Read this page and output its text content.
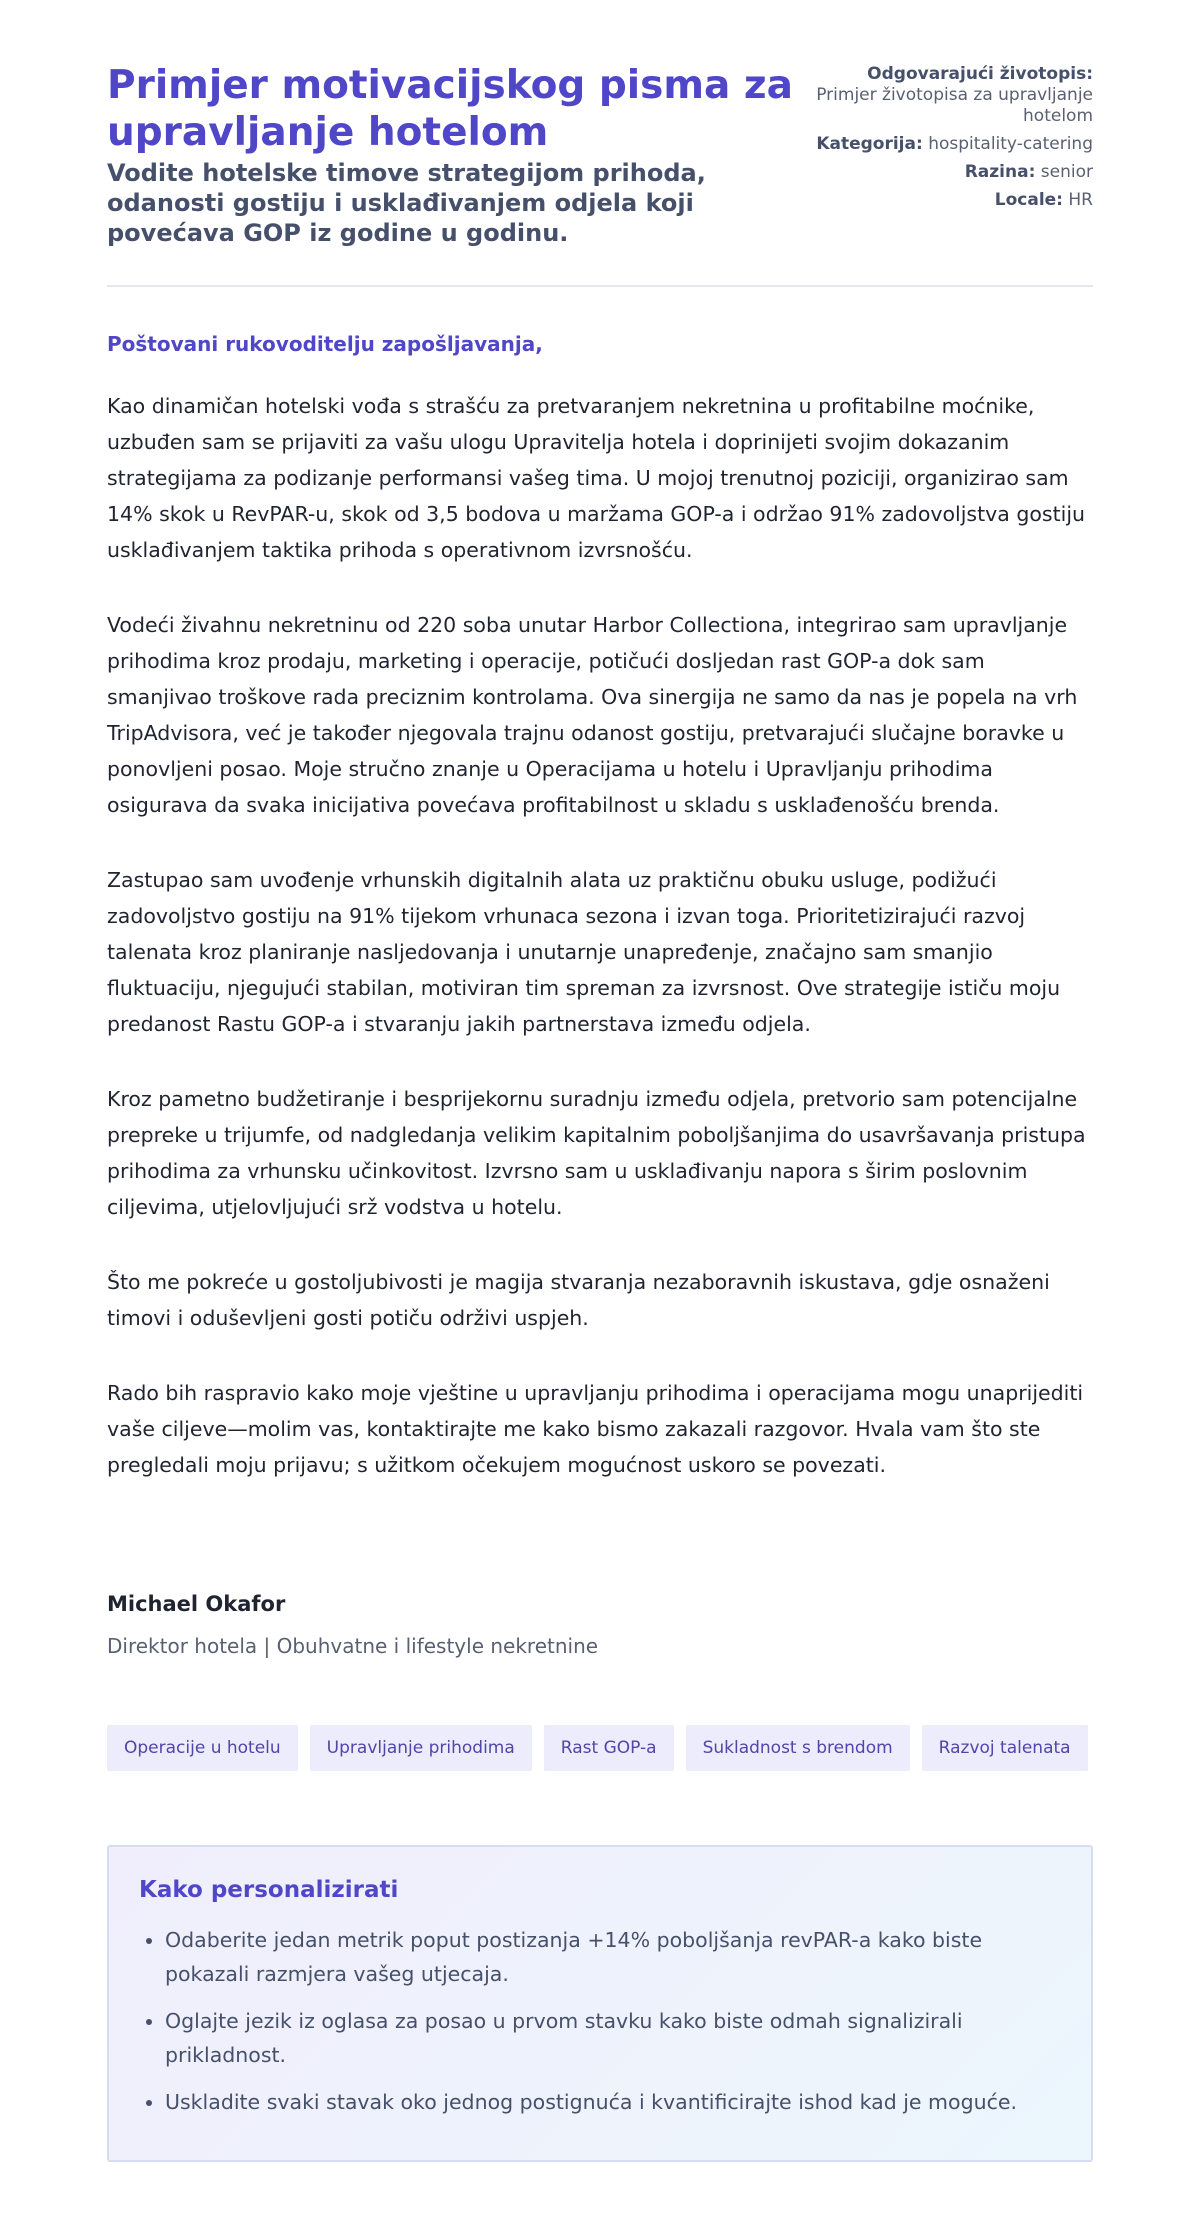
Primjer motivacijskog pisma za upravljanje hotelom
Vodite hotelske timove strategijom prihoda, odanosti gostiju i usklađivanjem odjela koji povećava GOP iz godine u godinu.
Odgovarajući životopis:
Primjer životopisa za upravljanje hotelom
Kategorija: hospitality-catering
Razina: senior
Locale: HR

Poštovani rukovoditelju zapošljavanja,

Kao dinamičan hotelski vođa s strašću za pretvaranjem nekretnina u profitabilne moćnike, uzbuđen sam se prijaviti za vašu ulogu Upravitelja hotela i doprinijeti svojim dokazanim strategijama za podizanje performansi vašeg tima. U mojoj trenutnoj poziciji, organizirao sam 14% skok u RevPAR-u, skok od 3,5 bodova u maržama GOP-a i održao 91% zadovoljstva gostiju usklađivanjem taktika prihoda s operativnom izvrsnošću.

Vodeći živahnu nekretninu od 220 soba unutar Harbor Collectiona, integrirao sam upravljanje prihodima kroz prodaju, marketing i operacije, potičući dosljedan rast GOP-a dok sam smanjivao troškove rada preciznim kontrolama. Ova sinergija ne samo da nas je popela na vrh TripAdvisora, već je također njegovala trajnu odanost gostiju, pretvarajući slučajne boravke u ponovljeni posao. Moje stručno znanje u Operacijama u hotelu i Upravljanju prihodima osigurava da svaka inicijativa povećava profitabilnost u skladu s usklađenošću brenda.

Zastupao sam uvođenje vrhunskih digitalnih alata uz praktičnu obuku usluge, podižući zadovoljstvo gostiju na 91% tijekom vrhunaca sezona i izvan toga. Prioritetizirajući razvoj talenata kroz planiranje nasljedovanja i unutarnje unapređenje, značajno sam smanjio fluktuaciju, njegujući stabilan, motiviran tim spreman za izvrsnost. Ove strategije ističu moju predanost Rastu GOP-a i stvaranju jakih partnerstava između odjela.

Kroz pametno budžetiranje i besprijekornu suradnju između odjela, pretvorio sam potencijalne prepreke u trijumfe, od nadgledanja velikim kapitalnim poboljšanjima do usavršavanja pristupa prihodima za vrhunsku učinkovitost. Izvrsno sam u usklađivanju napora s širim poslovnim ciljevima, utjelovljujući srž vodstva u hotelu.

Što me pokreće u gostoljubivosti je magija stvaranja nezaboravnih iskustava, gdje osnaženi timovi i oduševljeni gosti potiču održivi uspjeh.

Rado bih raspravio kako moje vještine u upravljanju prihodima i operacijama mogu unaprijediti vaše ciljeve—molim vas, kontaktirajte me kako bismo zakazali razgovor. Hvala vam što ste pregledali moju prijavu; s užitkom očekujem mogućnost uskoro se povezati.

Michael Okafor
Direktor hotela | Obuhvatne i lifestyle nekretnine
Operacije u hotelu	Upravljanje prihodima	Rast GOP-a	Sukladnost s brendom	Razvoj talenata
Kako personalizirati
• Odaberite jedan metrik poput postizanja +14% poboljšanja revPAR-a kako biste pokazali razmjera vašeg utjecaja.
• Oglajte jezik iz oglasa za posao u prvom stavku kako biste odmah signalizirali prikladnost.
• Uskladite svaki stavak oko jednog postignuća i kvantificirajte ishod kad je moguće.
